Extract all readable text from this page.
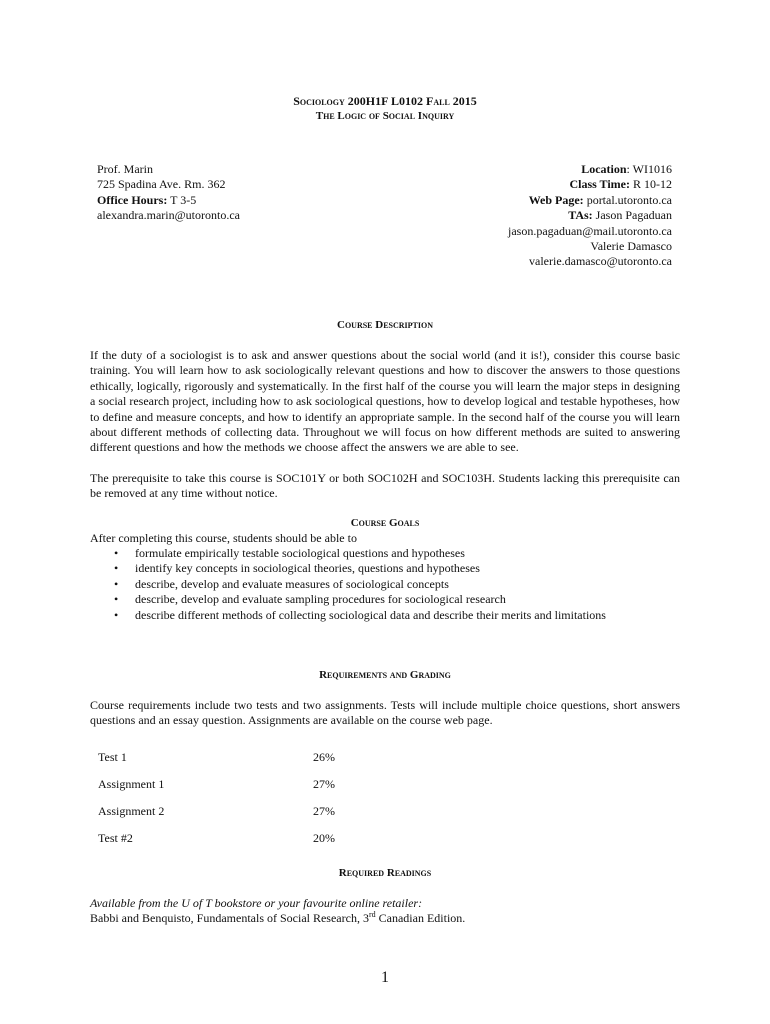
Sociology 200H1F L0102 Fall 2015
The Logic of Social Inquiry
Prof. Marin
725 Spadina Ave. Rm. 362
Office Hours: T 3-5
alexandra.marin@utoronto.ca
Location: WI1016
Class Time: R 10-12
Web Page: portal.utoronto.ca
TAs: Jason Pagaduan
jason.pagaduan@mail.utoronto.ca
Valerie Damasco
valerie.damasco@utoronto.ca
Course Description

If the duty of a sociologist is to ask and answer questions about the social world (and it is!), consider this course basic training. You will learn how to ask sociologically relevant questions and how to discover the answers to those questions ethically, logically, rigorously and systematically. In the first half of the course you will learn the major steps in designing a social research project, including how to ask sociological questions, how to develop logical and testable hypotheses, how to define and measure concepts, and how to identify an appropriate sample. In the second half of the course you will learn about different methods of collecting data. Throughout we will focus on how different methods are suited to answering different questions and how the methods we choose affect the answers we are able to see.

The prerequisite to take this course is SOC101Y or both SOC102H and SOC103H. Students lacking this prerequisite can be removed at any time without notice.

Course Goals
After completing this course, students should be able to
• formulate empirically testable sociological questions and hypotheses
• identify key concepts in sociological theories, questions and hypotheses
• describe, develop and evaluate measures of sociological concepts
• describe, develop and evaluate sampling procedures for sociological research
• describe different methods of collecting sociological data and describe their merits and limitations
Requirements and Grading

Course requirements include two tests and two assignments. Tests will include multiple choice questions, short answers questions and an essay question. Assignments are available on the course web page.

Test 1	26%
Assignment 1	27%
Assignment 2	27%
Test #2	20%
Required Readings
Available from the U of T bookstore or your favourite online retailer:
Babbi and Benquisto, Fundamentals of Social Research, 3rd Canadian Edition.
1
